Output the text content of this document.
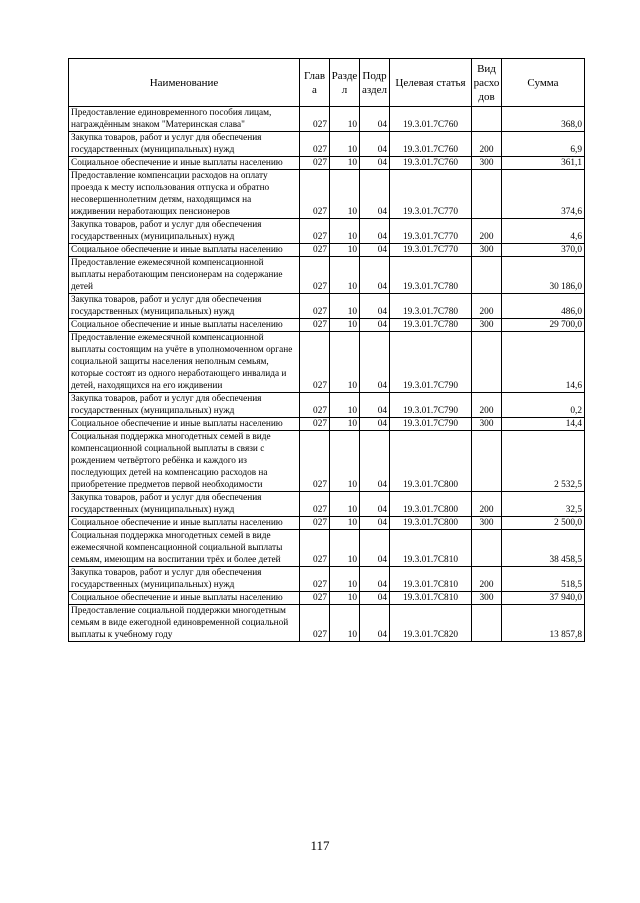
Наименование	Глав а	Разде л	Подр аздел	Целевая статья	Вид расхо дов	Сумма
Предоставление единовременного пособия лицам, награждённым знаком "Материнская слава"	027	10	04	19.3.01.7С760		368,0
Закупка товаров, работ и услуг для обеспечения государственных (муниципальных) нужд	027	10	04	19.3.01.7С760	200	6,9
Социальное обеспечение и иные выплаты населению	027	10	04	19.3.01.7С760	300	361,1
Предоставление компенсации расходов на оплату проезда к месту использования отпуска и обратно несовершеннолетним детям, находящимся на иждивении неработающих пенсионеров	027	10	04	19.3.01.7С770		374,6
Закупка товаров, работ и услуг для обеспечения государственных (муниципальных) нужд	027	10	04	19.3.01.7С770	200	4,6
Социальное обеспечение и иные выплаты населению	027	10	04	19.3.01.7С770	300	370,0
Предоставление ежемесячной компенсационной выплаты неработающим пенсионерам на содержание детей	027	10	04	19.3.01.7С780		30 186,0
Закупка товаров, работ и услуг для обеспечения государственных (муниципальных) нужд	027	10	04	19.3.01.7С780	200	486,0
Социальное обеспечение и иные выплаты населению	027	10	04	19.3.01.7С780	300	29 700,0
Предоставление ежемесячной компенсационной выплаты состоящим на учёте в уполномоченном органе социальной защиты населения неполным семьям, которые состоят из одного неработающего инвалида и детей, находящихся на его иждивении	027	10	04	19.3.01.7С790		14,6
Закупка товаров, работ и услуг для обеспечения государственных (муниципальных) нужд	027	10	04	19.3.01.7С790	200	0,2
Социальное обеспечение и иные выплаты населению	027	10	04	19.3.01.7С790	300	14,4
Социальная поддержка многодетных семей в виде компенсационной социальной выплаты в связи с рождением четвёртого ребёнка и каждого из последующих детей на компенсацию расходов на приобретение предметов первой необходимости	027	10	04	19.3.01.7С800		2 532,5
Закупка товаров, работ и услуг для обеспечения государственных (муниципальных) нужд	027	10	04	19.3.01.7С800	200	32,5
Социальное обеспечение и иные выплаты населению	027	10	04	19.3.01.7С800	300	2 500,0
Социальная поддержка многодетных семей в виде ежемесячной компенсационной социальной выплаты семьям, имеющим на воспитании трёх и более детей	027	10	04	19.3.01.7С810		38 458,5
Закупка товаров, работ и услуг для обеспечения государственных (муниципальных) нужд	027	10	04	19.3.01.7С810	200	518,5
Социальное обеспечение и иные выплаты населению	027	10	04	19.3.01.7С810	300	37 940,0
Предоставление социальной поддержки многодетным семьям в виде ежегодной единовременной социальной выплаты к учебному году	027	10	04	19.3.01.7С820		13 857,8
117
